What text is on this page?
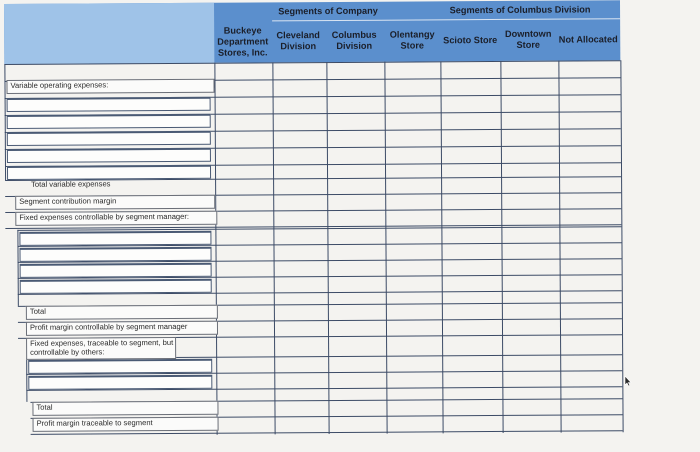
Segments of Company	Segments of Columbus Division
Buckeye Department Stores, Inc.
Cleveland Division
Columbus Division
Olentangy Store
Scioto Store
Downtown Store
Not Allocated
Variable operating expenses:
Total variable expenses
Segment contribution margin
Fixed expenses controllable by segment manager:
Total
Profit margin controllable by segment manager
Fixed expenses, traceable to segment, but controllable by others:
Total
Profit margin traceable to segment
